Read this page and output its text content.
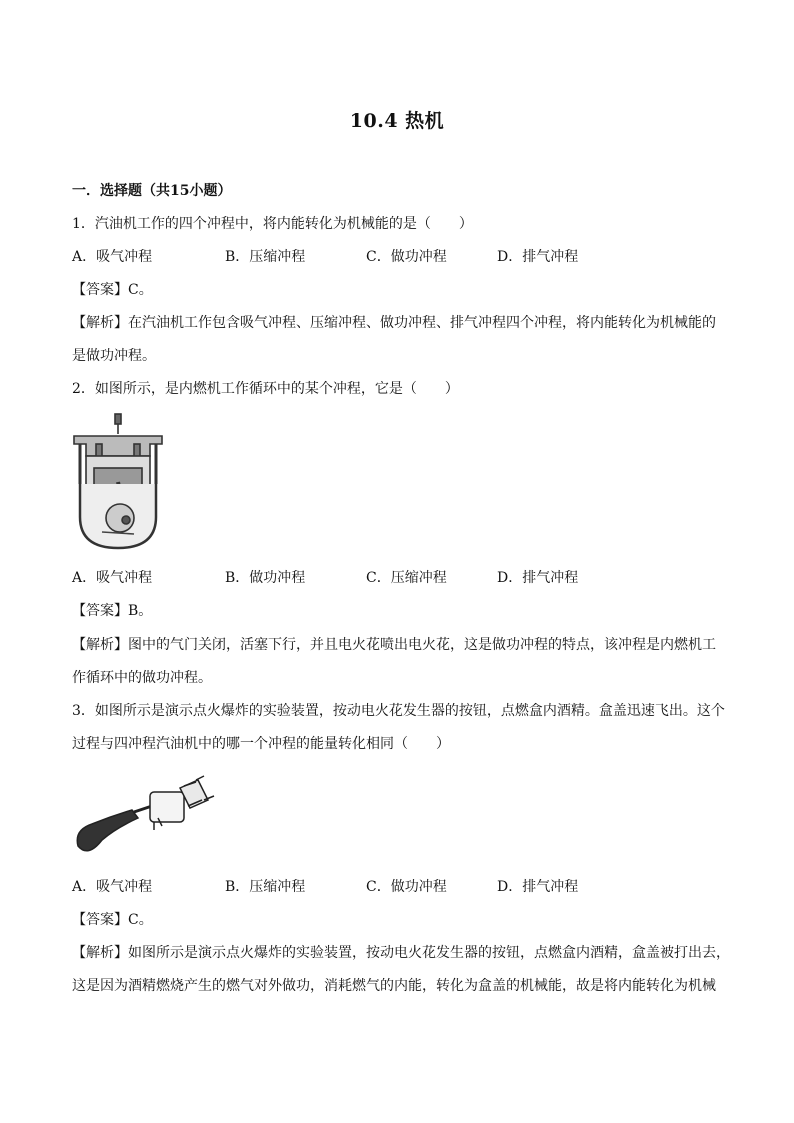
10.4 热机
一．选择题（共15小题）
1．汽油机工作的四个冲程中，将内能转化为机械能的是（　　）
A．吸气冲程	B．压缩冲程	C．做功冲程	D．排气冲程
【答案】C。
【解析】在汽油机工作包含吸气冲程、压缩冲程、做功冲程、排气冲程四个冲程，将内能转化为机械能的
是做功冲程。
2．如图所示，是内燃机工作循环中的某个冲程，它是（　　）
A．吸气冲程	B．做功冲程	C．压缩冲程	D．排气冲程
【答案】B。
【解析】图中的气门关闭，活塞下行，并且电火花喷出电火花，这是做功冲程的特点，该冲程是内燃机工
作循环中的做功冲程。
3．如图所示是演示点火爆炸的实验装置，按动电火花发生器的按钮，点燃盒内酒精。盒盖迅速飞出。这个
过程与四冲程汽油机中的哪一个冲程的能量转化相同（　　）
A．吸气冲程	B．压缩冲程	C．做功冲程	D．排气冲程
【答案】C。
【解析】如图所示是演示点火爆炸的实验装置，按动电火花发生器的按钮，点燃盒内酒精，盒盖被打出去，
这是因为酒精燃烧产生的燃气对外做功，消耗燃气的内能，转化为盒盖的机械能，故是将内能转化为机械
